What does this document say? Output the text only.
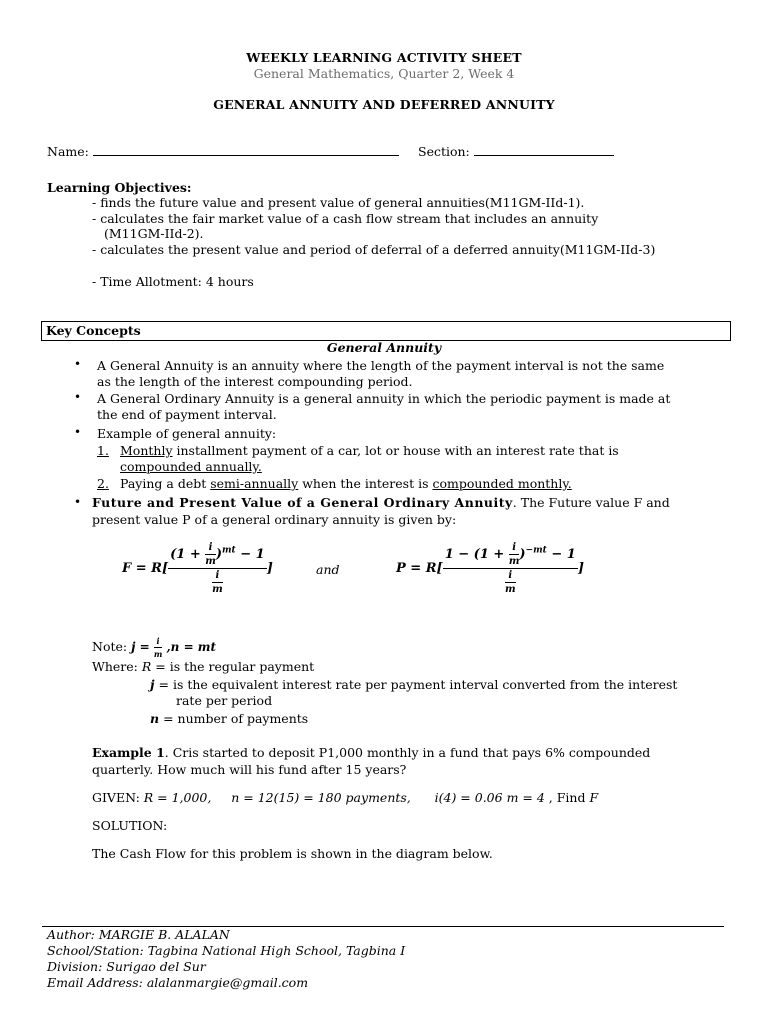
WEEKLY LEARNING ACTIVITY SHEET
General Mathematics, Quarter 2, Week 4
GENERAL ANNUITY AND DEFERRED ANNUITY
Name:	Section:
Learning Objectives:
- finds the future value and present value of general annuities(M11GM-IId-1).
- calculates the fair market value of a cash flow stream that includes an annuity
(M11GM-IId-2).
- calculates the present value and period of deferral of a deferred annuity(M11GM-IId-3)
- Time Allotment: 4 hours
Key Concepts
General Annuity
• A General Annuity is an annuity where the length of the payment interval is not the same
as the length of the interest compounding period.
• A General Ordinary Annuity is a general annuity in which the periodic payment is made at
the end of payment interval.
• Example of general annuity:
1. Monthly installment payment of a car, lot or house with an interest rate that is
compounded annually.
2. Paying a debt semi-annually when the interest is compounded monthly.
• Future and Present Value of a General Ordinary Annuity. The Future value F and
present value P of a general ordinary annuity is given by:
$F = R[ \frac{(1 + \frac{i}{m} )^{mt} - 1}{\frac{i}{m}}$ ]	and	$P = R[ \frac{1 - (1 + \frac{i}{m} )^{-mt} - 1}{\frac{i}{m}}$ ]
Note: $j = \frac{i}{m} ,n$ = mt
Where: R = is the regular payment
j = is the equivalent interest rate per payment interval converted from the interest
rate per period
n = number of payments
Example 1. Cris started to deposit P1,000 monthly in a fund that pays 6% compounded
quarterly. How much will his fund after 15 years?
GIVEN: R = 1,000, n = 12(15) = 180 payments, i(4) = 0.06 m = 4 , Find F
SOLUTION:
The Cash Flow for this problem is shown in the diagram below.
Author: MARGIE B. ALALAN
School/Station: Tagbina National High School, Tagbina I
Division: Surigao del Sur
Email Address: alalanmargie@gmail.com
